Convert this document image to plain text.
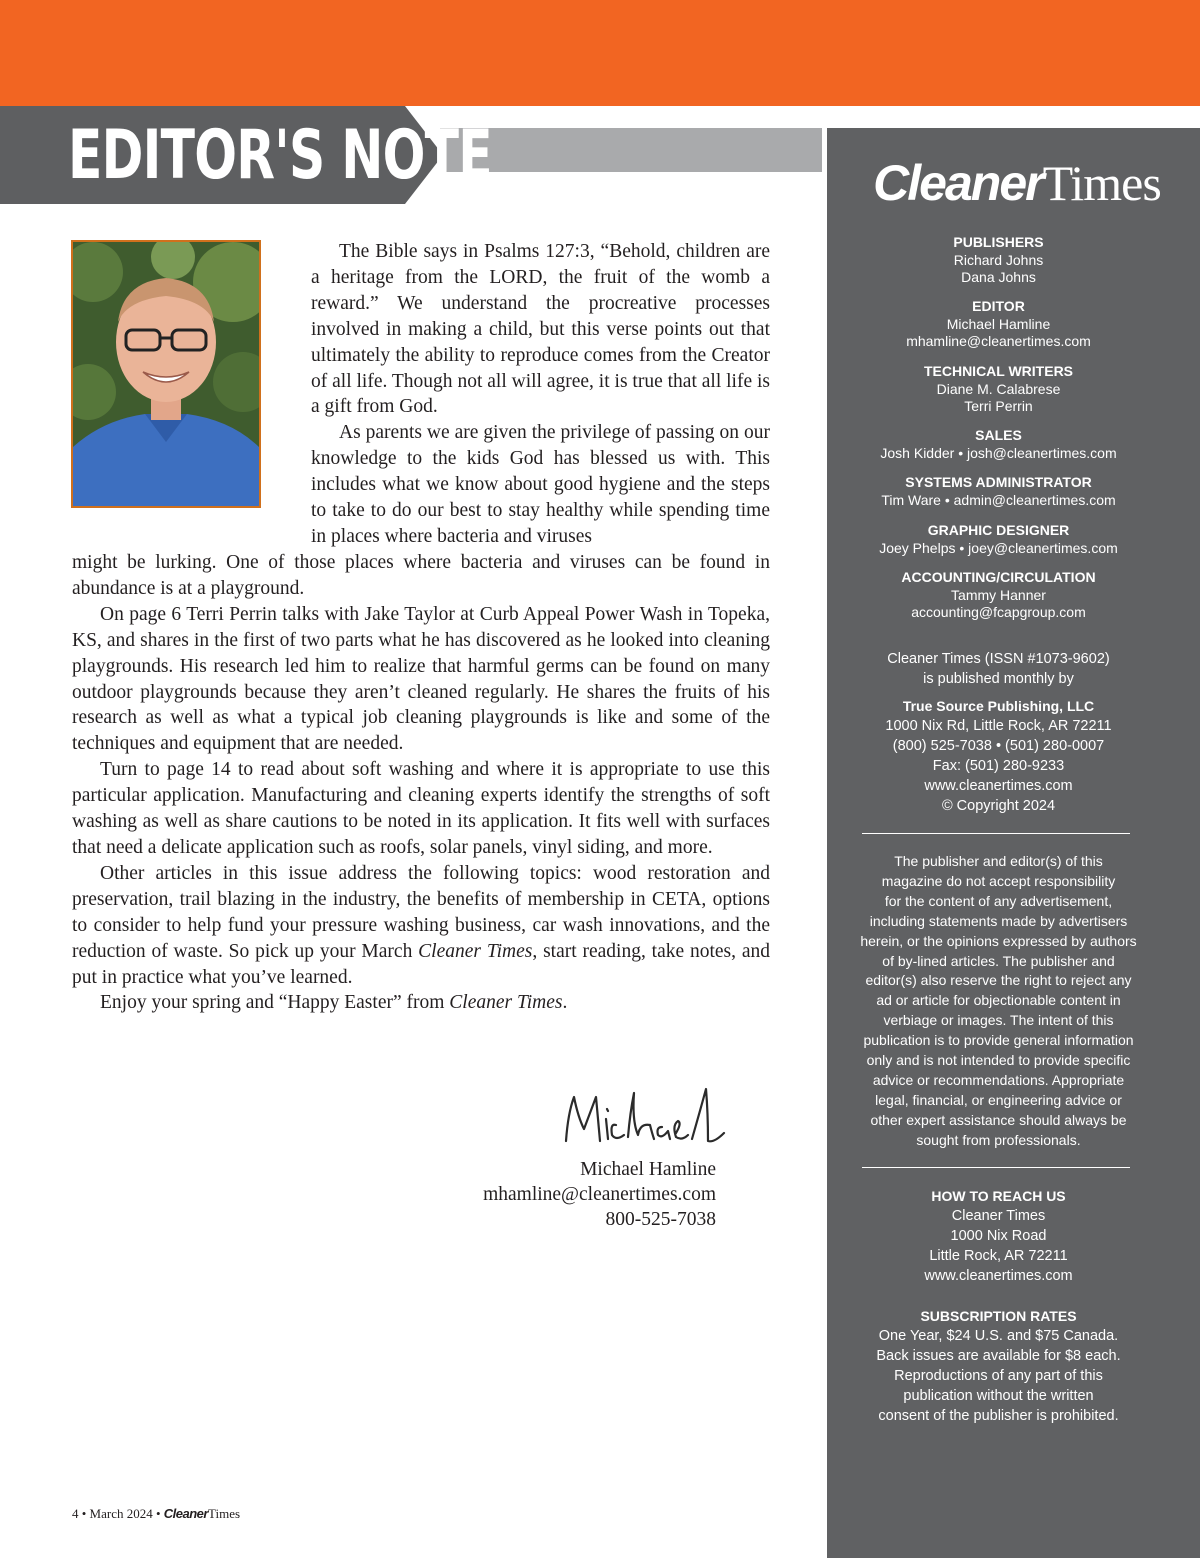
EDITOR'S NOTE	CleanerTimes
PUBLISHERS
Richard Johns
Dana Johns
EDITOR
Michael Hamline
mhamline@cleanertimes.com
TECHNICAL WRITERS
Diane M. Calabrese
Terri Perrin
SALES
Josh Kidder • josh@cleanertimes.com
SYSTEMS ADMINISTRATOR
Tim Ware • admin@cleanertimes.com
GRAPHIC DESIGNER
Joey Phelps • joey@cleanertimes.com
ACCOUNTING/CIRCULATION
Tammy Hanner
accounting@fcapgroup.com
Cleaner Times (ISSN #1073-9602)
is published monthly by
True Source Publishing, LLC
1000 Nix Rd, Little Rock, AR 72211
(800) 525-7038 • (501) 280-0007
Fax: (501) 280-9233
www.cleanertimes.com
© Copyright 2024
The publisher and editor(s) of this
magazine do not accept responsibility
for the content of any advertisement,
including statements made by advertisers
herein, or the opinions expressed by authors
of by-lined articles. The publisher and
editor(s) also reserve the right to reject any
ad or article for objectionable content in
verbiage or images. The intent of this
publication is to provide general information
only and is not intended to provide specific
advice or recommendations. Appropriate
legal, financial, or engineering advice or
other expert assistance should always be
sought from professionals.
HOW TO REACH US
Cleaner Times
1000 Nix Road
Little Rock, AR 72211
www.cleanertimes.com
SUBSCRIPTION RATES
One Year, $24 U.S. and $75 Canada.
Back issues are available for $8 each.
Reproductions of any part of this
publication without the written
consent of the publisher is prohibited.

The Bible says in Psalms 127:3, “Behold, children are a heritage from the LORD, the fruit of the womb a reward.” We understand the procreative processes involved in making a child, but this verse points out that ultimately the ability to reproduce comes from the Creator of all life. Though not all will agree, it is true that all life is a gift from God.

As parents we are given the privilege of passing on our knowledge to the kids God has blessed us with. This includes what we know about good hygiene and the steps to take to do our best to stay healthy while spending time in places where bacteria and viruses

might be lurking. One of those places where bacteria and viruses can be found in abundance is at a playground.

On page 6 Terri Perrin talks with Jake Taylor at Curb Appeal Power Wash in Topeka, KS, and shares in the first of two parts what he has discovered as he looked into cleaning playgrounds. His research led him to realize that harmful germs can be found on many outdoor playgrounds because they aren’t cleaned regularly. He shares the fruits of his research as well as what a typical job cleaning playgrounds is like and some of the techniques and equipment that are needed.

Turn to page 14 to read about soft washing and where it is appropriate to use this particular application. Manufacturing and cleaning experts identify the strengths of soft washing as well as share cautions to be noted in its application. It fits well with surfaces that need a delicate application such as roofs, solar panels, vinyl siding, and more.

Other articles in this issue address the following topics: wood restoration and preservation, trail blazing in the industry, the benefits of membership in CETA, options to consider to help fund your pressure washing business, car wash innovations, and the reduction of waste. So pick up your March Cleaner Times, start reading, take notes, and put in practice what you’ve learned.

Enjoy your spring and “Happy Easter” from Cleaner Times.

Michael Hamline
mhamline@cleanertimes.com
800-525-7038
4 • March 2024 • CleanerTimes
